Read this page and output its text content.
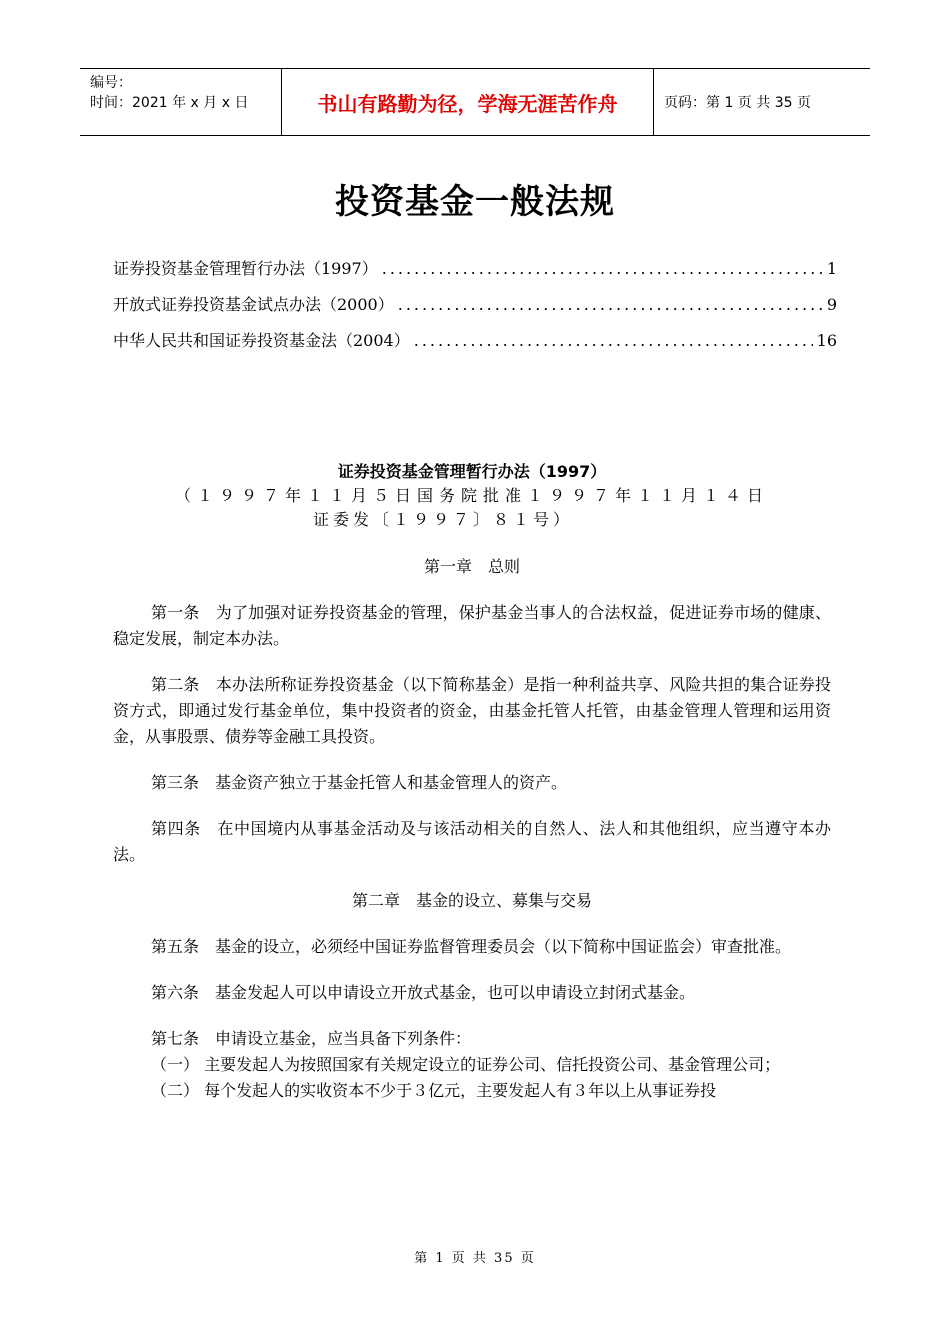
编号：
时间：2021 年 x 月 x 日	书山有路勤为径，学海无涯苦作舟	页码：第 1 页 共 35 页
投资基金一般法规
证券投资基金管理暂行办法（1997） .....	1
开放式证券投资基金试点办法（2000） .....	9
中华人民共和国证券投资基金法（2004） .....	16
证券投资基金管理暂行办法（1997）
（１９９７年１１月５日国务院批准１９９７年１１月１４日
证委发〔１９９７〕８１号）
第一章　总则
第一条　为了加强对证券投资基金的管理，保护基金当事人的合法权益，促进证券市场的健康、稳定发展，制定本办法。
第二条　本办法所称证券投资基金（以下简称基金）是指一种利益共享、风险共担的集合证券投资方式，即通过发行基金单位，集中投资者的资金，由基金托管人托管，由基金管理人管理和运用资金，从事股票、债券等金融工具投资。
第三条　基金资产独立于基金托管人和基金管理人的资产。
第四条　在中国境内从事基金活动及与该活动相关的自然人、法人和其他组织，应当遵守本办法。
第二章　基金的设立、募集与交易
第五条　基金的设立，必须经中国证券监督管理委员会（以下简称中国证监会）审查批准。
第六条　基金发起人可以申请设立开放式基金，也可以申请设立封闭式基金。
第七条　申请设立基金，应当具备下列条件：
（一） 主要发起人为按照国家有关规定设立的证券公司、信托投资公司、基金管理公司；
（二） 每个发起人的实收资本不少于３亿元，主要发起人有３年以上从事证券投
第 1 页 共 35 页
